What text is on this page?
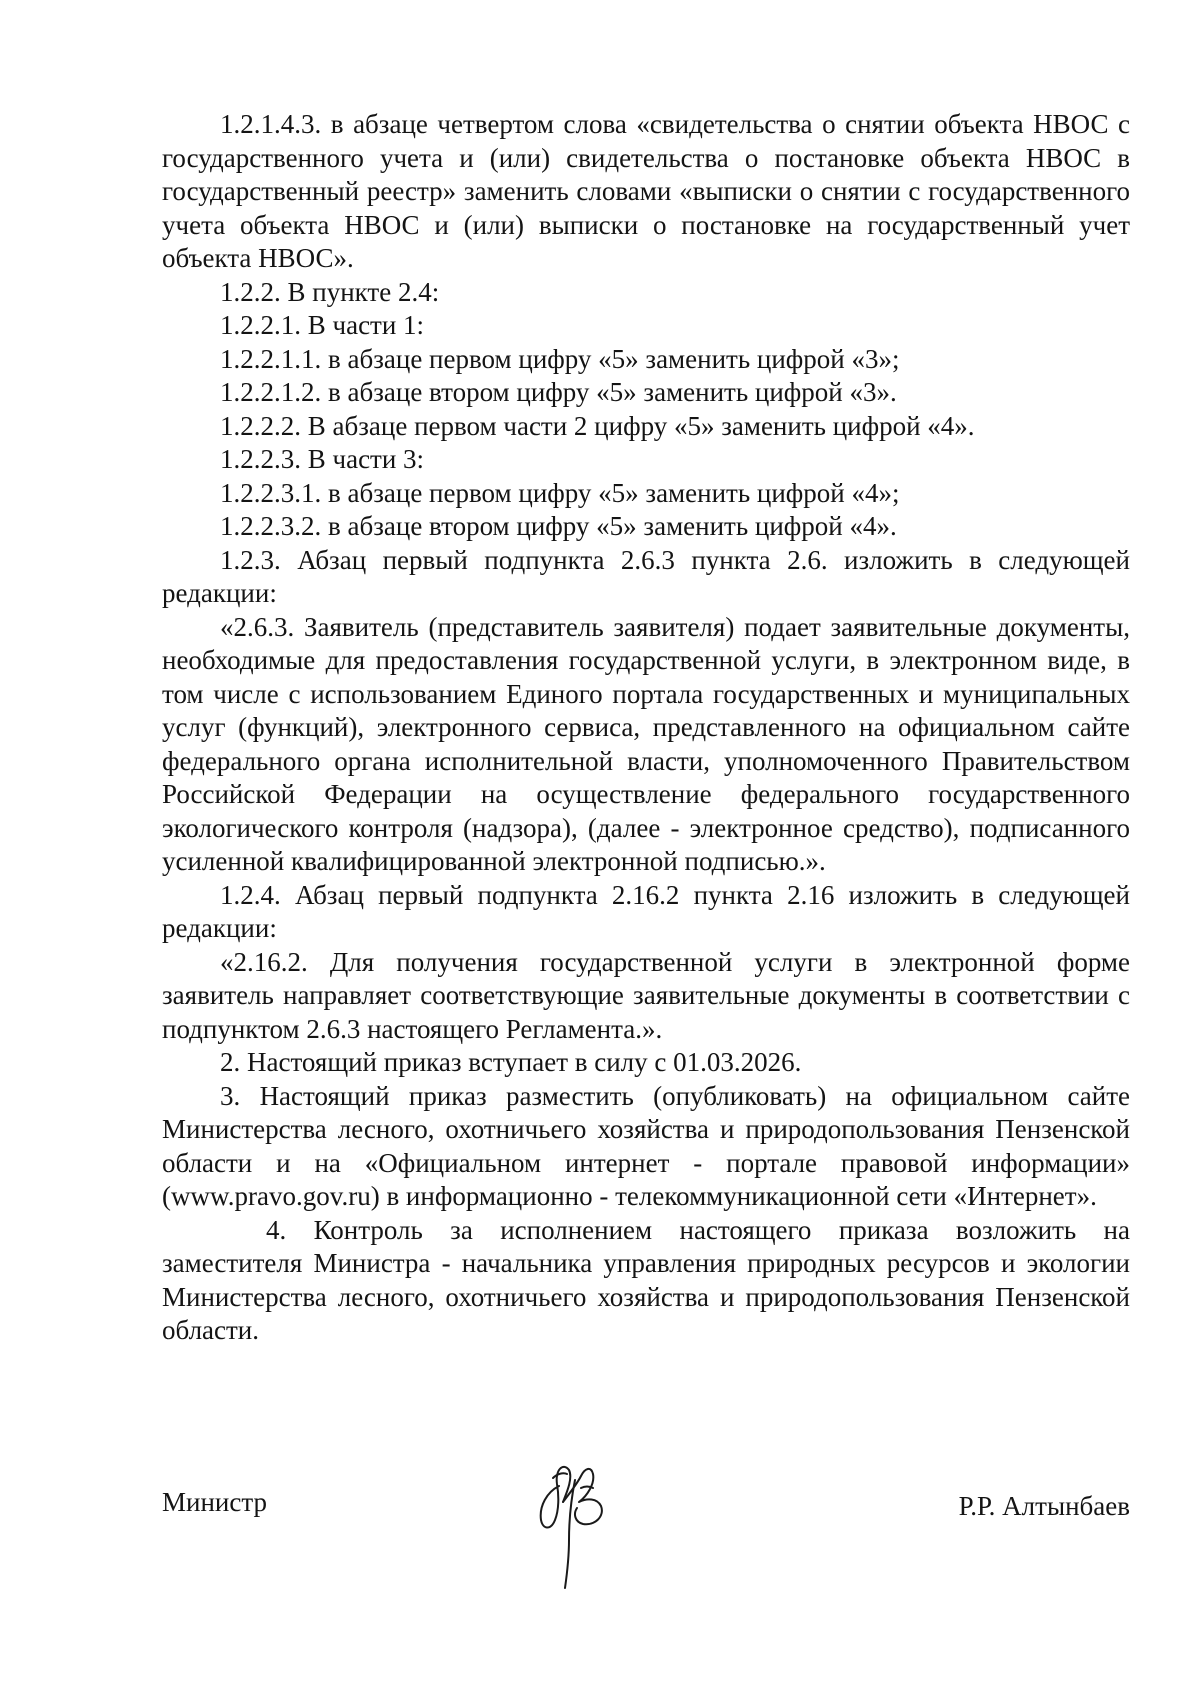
1.2.1.4.3. в абзаце четвертом слова «свидетельства о снятии объекта НВОС с государственного учета и (или) свидетельства о постановке объекта НВОС в государственный реестр» заменить словами «выписки о снятии с государственного учета объекта НВОС и (или) выписки о постановке на государственный учет объекта НВОС».

1.2.2. В пункте 2.4:

1.2.2.1. В части 1:

1.2.2.1.1. в абзаце первом цифру «5» заменить цифрой «3»;

1.2.2.1.2. в абзаце втором цифру «5» заменить цифрой «3».

1.2.2.2. В абзаце первом части 2 цифру «5» заменить цифрой «4».

1.2.2.3. В части 3:

1.2.2.3.1. в абзаце первом цифру «5» заменить цифрой «4»;

1.2.2.3.2. в абзаце втором цифру «5» заменить цифрой «4».

1.2.3. Абзац первый подпункта 2.6.3 пункта 2.6. изложить в следующей редакции:

«2.6.3. Заявитель (представитель заявителя) подает заявительные документы, необходимые для предоставления государственной услуги, в электронном виде, в том числе с использованием Единого портала государственных и муниципальных услуг (функций), электронного сервиса, представленного на официальном сайте федерального органа исполнительной власти, уполномоченного Правительством Российской Федерации на осуществление федерального государственного экологического контроля (надзора), (далее - электронное средство), подписанного усиленной квалифицированной электронной подписью.».

1.2.4. Абзац первый подпункта 2.16.2 пункта 2.16 изложить в следующей редакции:

«2.16.2. Для получения государственной услуги в электронной форме заявитель направляет соответствующие заявительные документы в соответствии с подпунктом 2.6.3 настоящего Регламента.».

2. Настоящий приказ вступает в силу с 01.03.2026.

3. Настоящий приказ разместить (опубликовать) на официальном сайте Министерства лесного, охотничьего хозяйства и природопользования Пензенской области и на «Официальном интернет - портале правовой информации» (www.pravo.gov.ru) в информационно - телекоммуникационной сети «Интернет».

4. Контроль за исполнением настоящего приказа возложить на заместителя Министра - начальника управления природных ресурсов и экологии Министерства лесного, охотничьего хозяйства и природопользования Пензенской области.

Министр	Р.Р. Алтынбаев
